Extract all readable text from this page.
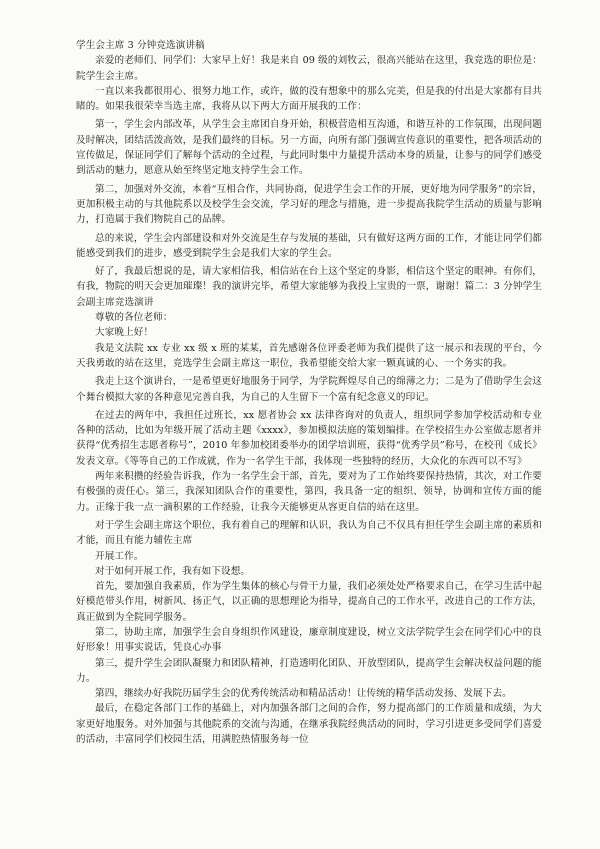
学生会主席 3 分钟竞选演讲稿

亲爱的老师们、同学们：大家早上好！我是来自 09 级的刘牧云，很高兴能站在这里，我竞选的职位是：院学生会主席。

一直以来我都很用心、很努力地工作，或许，做的没有想象中的那么完美，但是我的付出是大家都有目共睹的。如果我很荣幸当选主席，我将从以下两大方面开展我的工作：

第一，学生会内部改革，从学生会主席团自身开始，积极营造相互沟通，和谐互补的工作氛围，出现问题及时解决，团结活泼高效，是我们最终的目标。另一方面，向所有部门强调宣传意识的重要性，把各项活动的宣传做足，保证同学们了解每个活动的全过程，与此同时集中力量提升活动本身的质量，让参与的同学们感受到活动的魅力，愿意从始至终坚定地支持学生会工作。

第二，加强对外交流，本着“互相合作，共同协商，促进学生会工作的开展，更好地为同学服务”的宗旨，更加积极主动的与其他院系以及校学生会交流，学习好的理念与措施，进一步提高我院学生活动的质量与影响力，打造属于我们物院自己的品牌。

总的来说，学生会内部建设和对外交流是生存与发展的基础，只有做好这两方面的工作，才能让同学们都能感受到我们的进步，感受到院学生会是我们大家的学生会。

好了，我最后想说的是，请大家相信我，相信站在台上这个坚定的身影，相信这个坚定的眼神。有你们，有我，物院的明天会更加璀璨！我的演讲完毕，希望大家能够为我投上宝贵的一票，谢谢！篇二：3 分钟学生会副主席竞选演讲

尊敬的各位老师：

大家晚上好！

我是文法院 xx 专业 xx 级 x 班的某某，首先感谢各位评委老师为我们提供了这一展示和表现的平台，今天我勇敢的站在这里，竞选学生会副主席这一职位，我希望能交给大家一颗真诚的心、一个务实的我。

我走上这个演讲台，一是希望更好地服务于同学，为学院辉煌尽自己的绵薄之力；二是为了借助学生会这个舞台模拟大家的各种意见完善自我，为自己的人生留下一个富有纪念意义的印记。

在过去的两年中，我担任过班长，xx 愿者协会 xx 法律咨询对的负责人，组织同学参加学校活动和专业各种的活动，比如为年级开展了活动主题《xxxx》，参加模拟法庭的策划编排。在学校招生办公室做志愿者并获得“优秀招生志愿者称号”，2010 年参加校团委举办的团学培训班，获得“优秀学员”称号，在校刊《成长》发表文章。《等等自己的工作成就，作为一名学生干部，我体现一些独特的经历，大众化的东西可以不写》

两年来积攒的经验告诉我，作为一名学生会干部，首先，要对为了工作始终要保持热情，其次，对工作要有极强的责任心。第三，我深知团队合作的重要性，第四，我具备一定的组织、领导，协调和宣传方面的能力。正缘于我一点一滴积累的工作经验，让我今天能够更从容更自信的站在这里。

对于学生会副主席这个职位，我有着自己的理解和认识，我认为自己不仅具有担任学生会副主席的素质和才能，而且有能力辅佐主席

开展工作。

对于如何开展工作，我有如下设想。

首先，要加强自我素质，作为学生集体的核心与骨干力量，我们必须处处严格要求自己，在学习生活中起好模范带头作用，树新风、扬正气，以正确的思想理论为指导，提高自己的工作水平，改进自己的工作方法，真正做到为全院同学服务。

第二，协助主席，加强学生会自身组织作风建设，廉章制度建设，树立文法学院学生会在同学们心中的良好形象！用事实说话，凭良心办事

第三，提升学生会团队凝聚力和团队精神，打造透明化团队、开放型团队，提高学生会解决权益问题的能力。

第四，继续办好我院历届学生会的优秀传统活动和精品活动！让传统的精华活动发扬、发展下去。

最后，在稳定各部门工作的基础上，对内加强各部门之间的合作，努力提高部门的工作质量和成绩，为大家更好地服务。对外加强与其他院系的交流与沟通，在继承我院经典活动的同时，学习引进更多受同学们喜爱的活动，丰富同学们校园生活，用满腔热情服务每一位
